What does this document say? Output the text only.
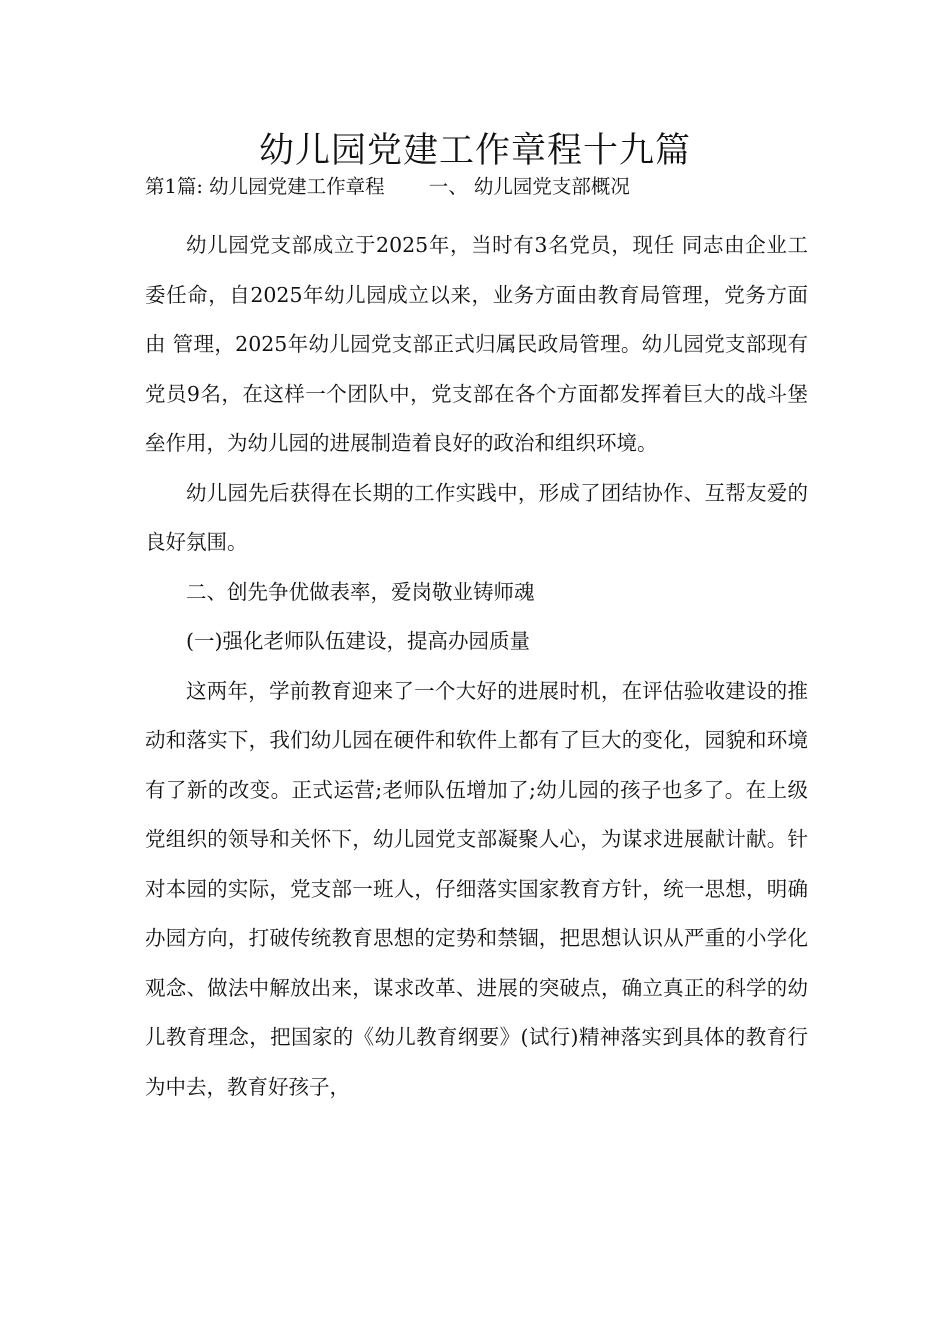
幼儿园党建工作章程十九篇
第1篇: 幼儿园党建工作章程 一、 幼儿园党支部概况

幼儿园党支部成立于2025年，当时有3名党员，现任 同志由企业工委任命，自2025年幼儿园成立以来，业务方面由教育局管理，党务方面由 管理，2025年幼儿园党支部正式归属民政局管理。幼儿园党支部现有党员9名，在这样一个团队中，党支部在各个方面都发挥着巨大的战斗堡垒作用，为幼儿园的进展制造着良好的政治和组织环境。

幼儿园先后获得在长期的工作实践中，形成了团结协作、互帮友爱的良好氛围。

二、创先争优做表率，爱岗敬业铸师魂

(一)强化老师队伍建设，提高办园质量

这两年，学前教育迎来了一个大好的进展时机，在评估验收建设的推动和落实下，我们幼儿园在硬件和软件上都有了巨大的变化，园貌和环境有了新的改变。正式运营;老师队伍增加了;幼儿园的孩子也多了。在上级党组织的领导和关怀下，幼儿园党支部凝聚人心，为谋求进展献计献。针对本园的实际，党支部一班人，仔细落实国家教育方针，统一思想，明确办园方向，打破传统教育思想的定势和禁锢，把思想认识从严重的小学化观念、做法中解放出来，谋求改革、进展的突破点，确立真正的科学的幼儿教育理念，把国家的《幼儿教育纲要》(试行)精神落实到具体的教育行为中去，教育好孩子，
